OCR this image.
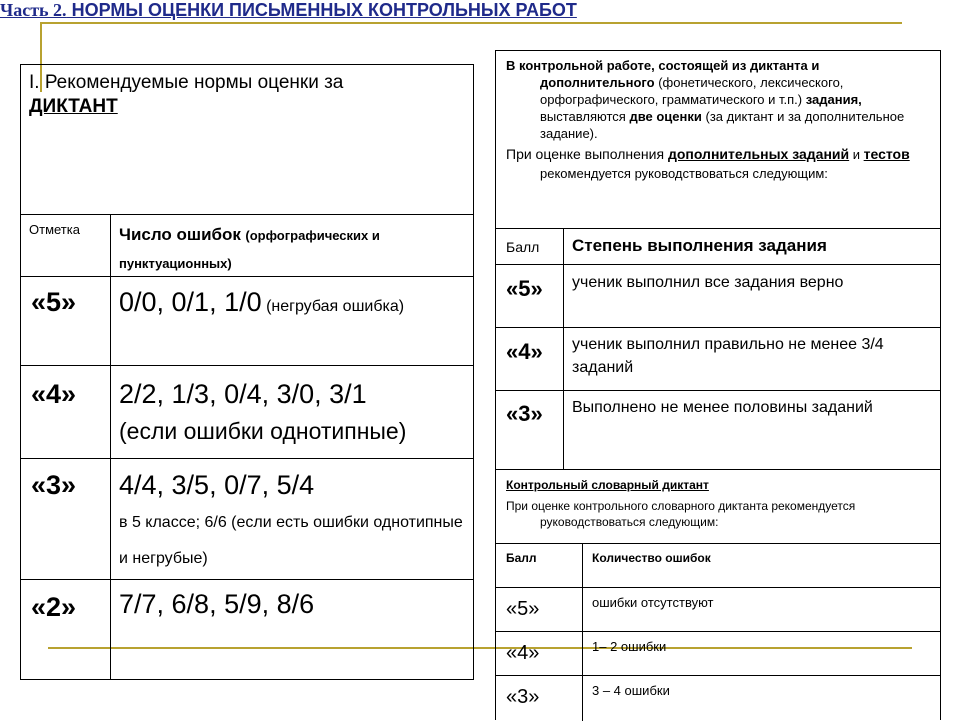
Часть 2. НОРМЫ ОЦЕНКИ ПИСЬМЕННЫХ КОНТРОЛЬНЫХ РАБОТ
I. Рекомендуемые нормы оценки за
ДИКТАНТ
Отметка Число ошибок (орфографических и пунктуационных)
«5» 0/0, 0/1, 1/0 (негрубая ошибка)
«4» 2/2, 1/3, 0/4, 3/0, 3/1
(если ошибки однотипные)
«3» 4/4, 3/5, 0/7, 5/4
в 5 классе; 6/6 (если есть ошибки однотипные и негрубые)
«2» 7/7, 6/8, 5/9, 8/6
В контрольной работе, состоящей из диктанта и дополнительного (фонетического, лексического, орфографического, грамматического и т.п.) задания, выставляются две оценки (за диктант и за дополнительное задание).
При оценке выполнения дополнительных заданий и тестов рекомендуется руководствоваться следующим:
Балл Степень выполнения задания
«5» ученик выполнил все задания верно
«4» ученик выполнил правильно не менее 3/4 заданий
«3» Выполнено не менее половины заданий
Контрольный словарный диктант
При оценке контрольного словарного диктанта рекомендуется руководствоваться следующим:
Балл	Количество ошибок
«5»	ошибки отсутствуют
«4»	1– 2 ошибки
«3»	3 – 4 ошибки
